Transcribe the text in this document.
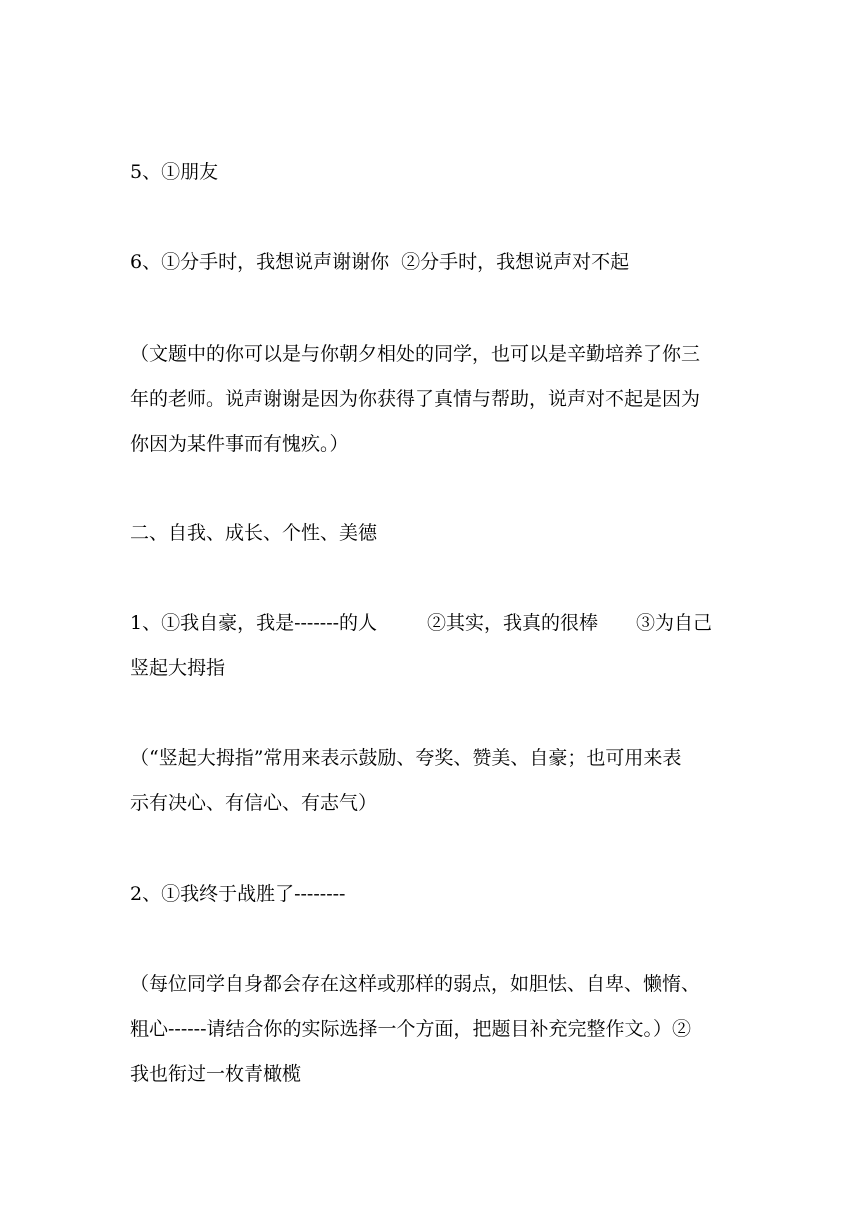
5、①朋友
6、①分手时，我想说声谢谢你 ②分手时，我想说声对不起
（文题中的你可以是与你朝夕相处的同学，也可以是辛勤培养了你三
年的老师。说声谢谢是因为你获得了真情与帮助，说声对不起是因为
你因为某件事而有愧疚。）
二、自我、成长、个性、美德
1、①我自豪，我是-------的人	②其实，我真的很棒 ③为自己
竖起大拇指
（“竖起大拇指”常用来表示鼓励、夸奖、赞美、自豪；也可用来表
示有决心、有信心、有志气）
2、①我终于战胜了--------
（每位同学自身都会存在这样或那样的弱点，如胆怯、自卑、懒惰、
粗心------请结合你的实际选择一个方面，把题目补充完整作文。）②
我也衔过一枚青橄榄
